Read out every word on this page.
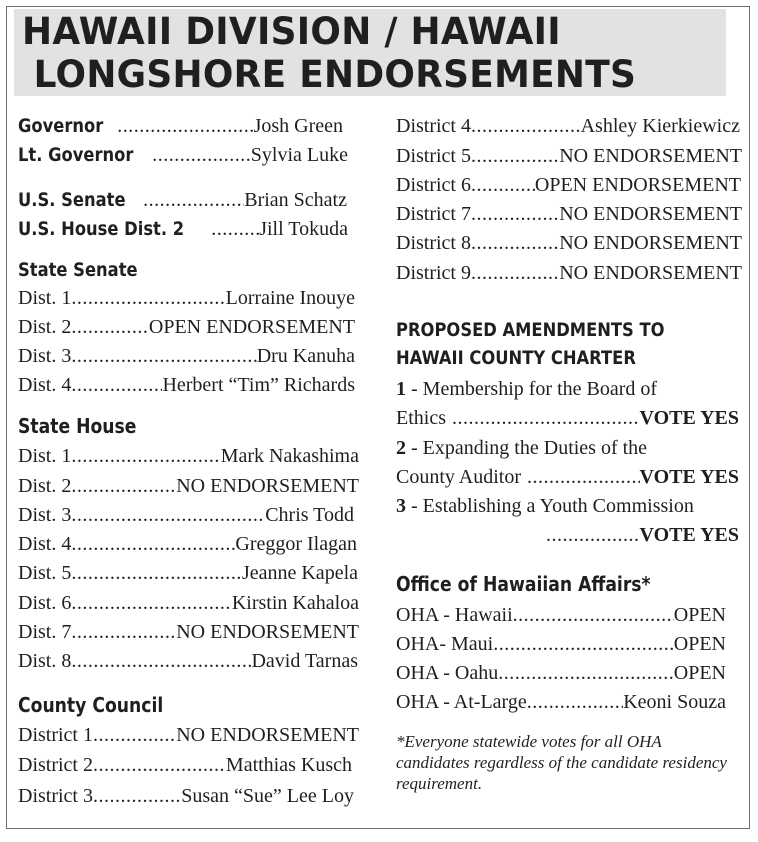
HAWAII DIVISION / HAWAII
LONGSHORE ENDORSEMENTS
Governor .....	Josh Green
Lt. Governor .....	Sylvia Luke
U.S. Senate .....	Brian Schatz
U.S. House Dist. 2 .....	Jill Tokuda
State Senate
Dist. 1 .....	Lorraine Inouye
Dist. 2 .....	OPEN ENDORSEMENT
Dist. 3 .....	Dru Kanuha
Dist. 4 .....	Herbert “Tim” Richards
State House
Dist. 1 .....	Mark Nakashima
Dist. 2 .....	NO ENDORSEMENT
Dist. 3 .....	Chris Todd
Dist. 4 .....	Greggor Ilagan
Dist. 5 .....	Jeanne Kapela
Dist. 6 .....	Kirstin Kahaloa
Dist. 7 .....	NO ENDORSEMENT
Dist. 8 .....	David Tarnas
County Council
District 1 .....	NO ENDORSEMENT
District 2 .....	Matthias Kusch
District 3 .....	Susan “Sue” Lee Loy
District 4 .....	Ashley Kierkiewicz
District 5 .....	NO ENDORSEMENT
District 6 .....	OPEN ENDORSEMENT
District 7 .....	NO ENDORSEMENT
District 8 .....	NO ENDORSEMENT
District 9 .....	NO ENDORSEMENT
PROPOSED AMENDMENTS TO
HAWAII COUNTY CHARTER
1 - Membership for the Board of
Ethics .....	VOTE YES
2 - Expanding the Duties of the
County Auditor .....	VOTE YES
3 - Establishing a Youth Commission
.....
VOTE YES
Office of Hawaiian Affairs*
OHA - Hawaii .....	OPEN
OHA- Maui .....	OPEN
OHA - Oahu .....	OPEN
OHA - At-Large .....	Keoni Souza
*Everyone statewide votes for all OHA candidates regardless of the candidate residency requirement.
